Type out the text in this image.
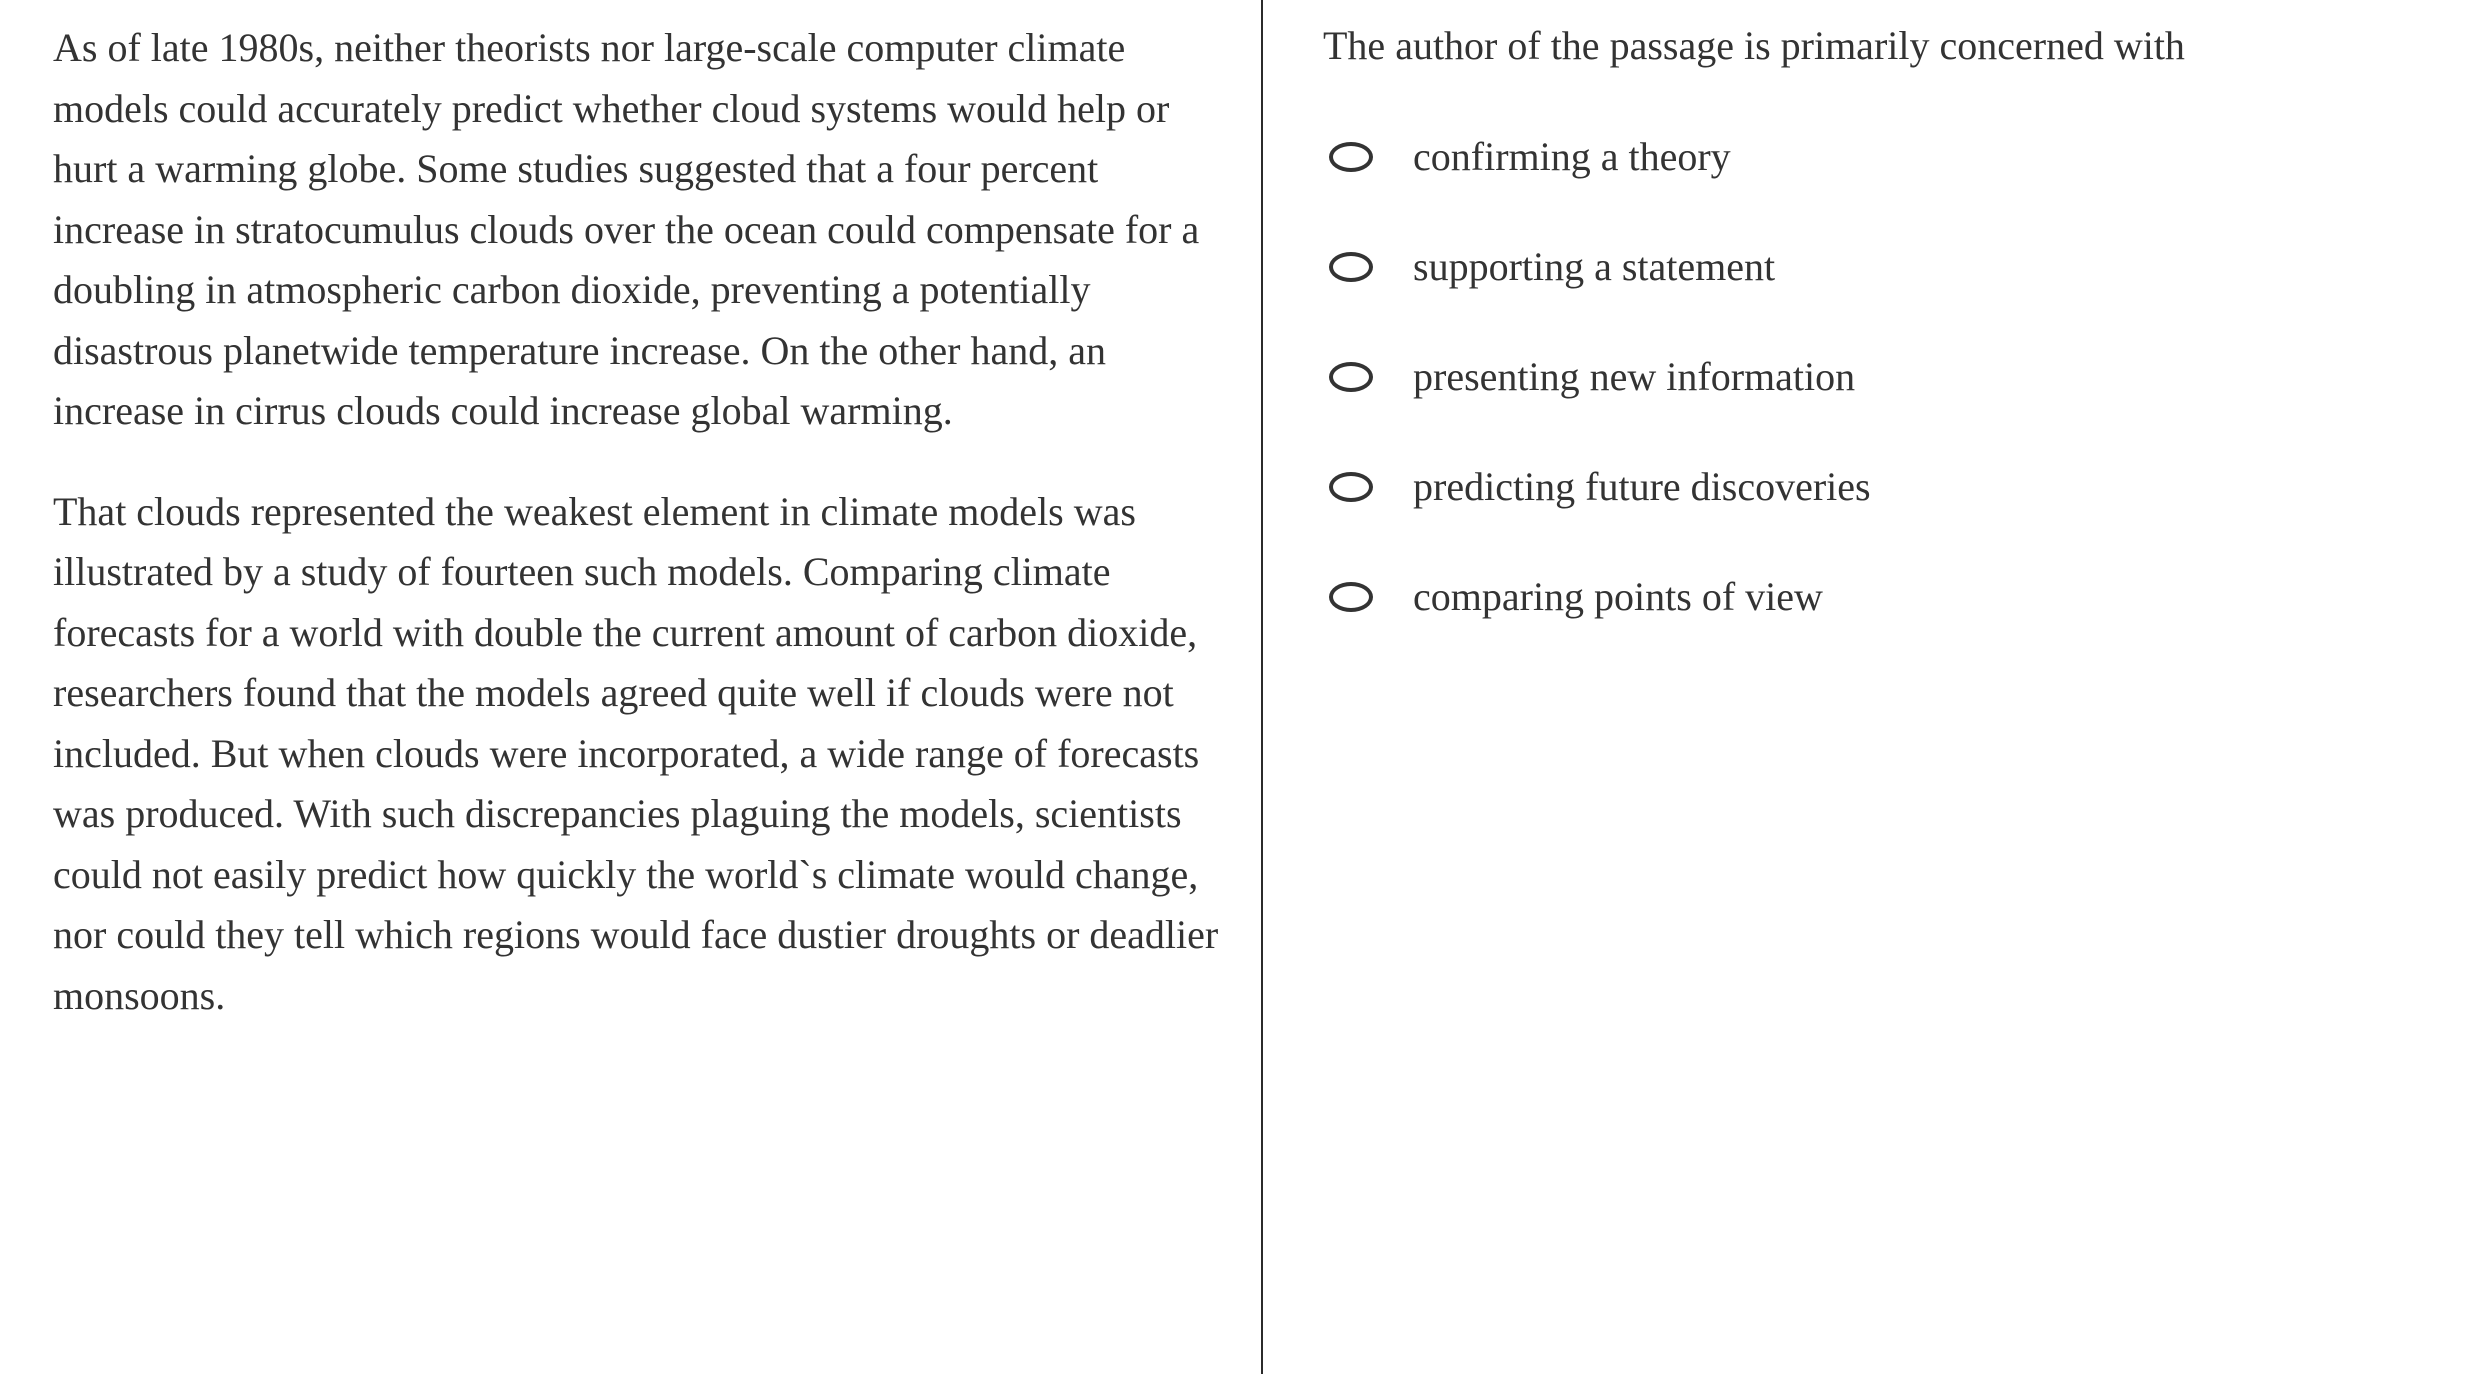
As of late 1980s, neither theorists nor large-scale computer climate models could accurately predict whether cloud systems would help or hurt a warming globe. Some studies suggested that a four percent increase in stratocumulus clouds over the ocean could compensate for a doubling in atmospheric carbon dioxide, preventing a potentially disastrous planetwide temperature increase. On the other hand, an increase in cirrus clouds could increase global warming.

That clouds represented the weakest element in climate models was illustrated by a study of fourteen such models. Comparing climate forecasts for a world with double the current amount of carbon dioxide, researchers found that the models agreed quite well if clouds were not included. But when clouds were incorporated, a wide range of forecasts was produced. With such discrepancies plaguing the models, scientists could not easily predict how quickly the world`s climate would change, nor could they tell which regions would face dustier droughts or deadlier monsoons.

The author of the passage is primarily concerned with

confirming a theory
supporting a statement
presenting new information
predicting future discoveries
comparing points of view
